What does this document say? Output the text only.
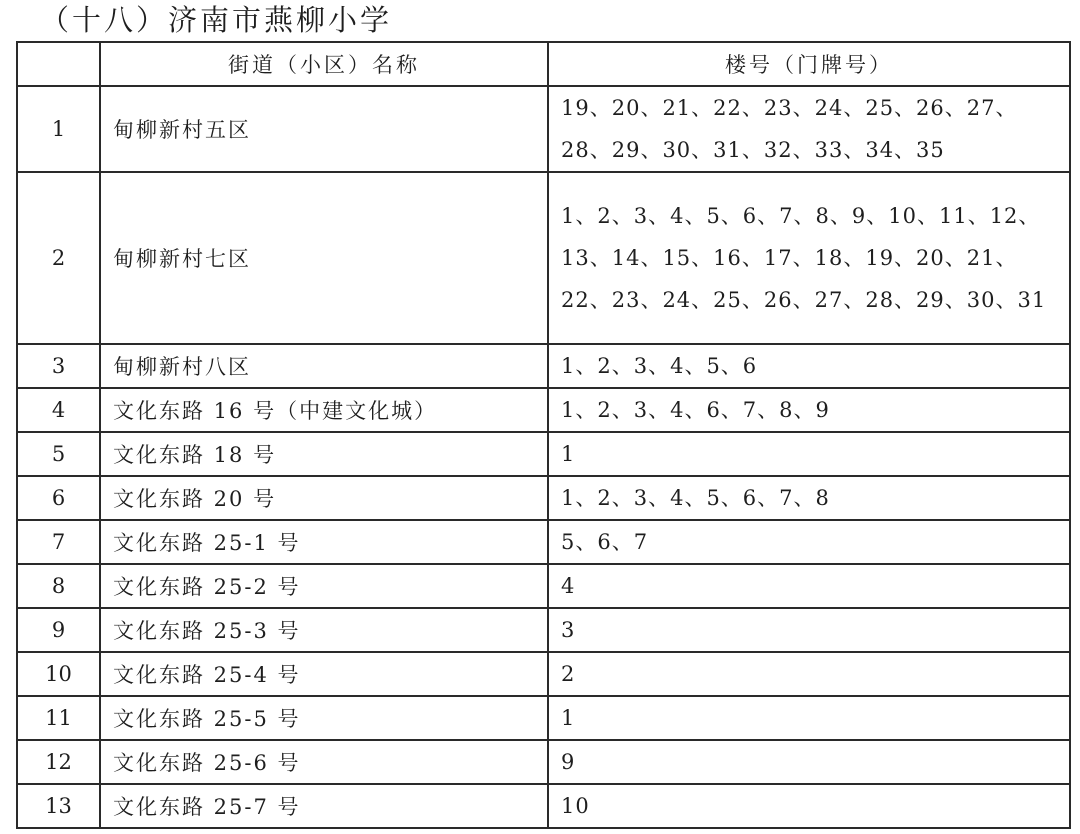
（十八）济南市燕柳小学
	街道（小区）名称	楼号（门牌号）
1	甸柳新村五区	19、20、21、22、23、24、25、26、27、28、29、30、31、32、33、34、35
2	甸柳新村七区	1、2、3、4、5、6、7、8、9、10、11、12、13、14、15、16、17、18、19、20、21、22、23、24、25、26、27、28、29、30、31
3	甸柳新村八区	1、2、3、4、5、6
4	文化东路 16 号（中建文化城）	1、2、3、4、6、7、8、9
5	文化东路 18 号	1
6	文化东路 20 号	1、2、3、4、5、6、7、8
7	文化东路 25-1 号	5、6、7
8	文化东路 25-2 号	4
9	文化东路 25-3 号	3
10	文化东路 25-4 号	2
11	文化东路 25-5 号	1
12	文化东路 25-6 号	9
13	文化东路 25-7 号	10
